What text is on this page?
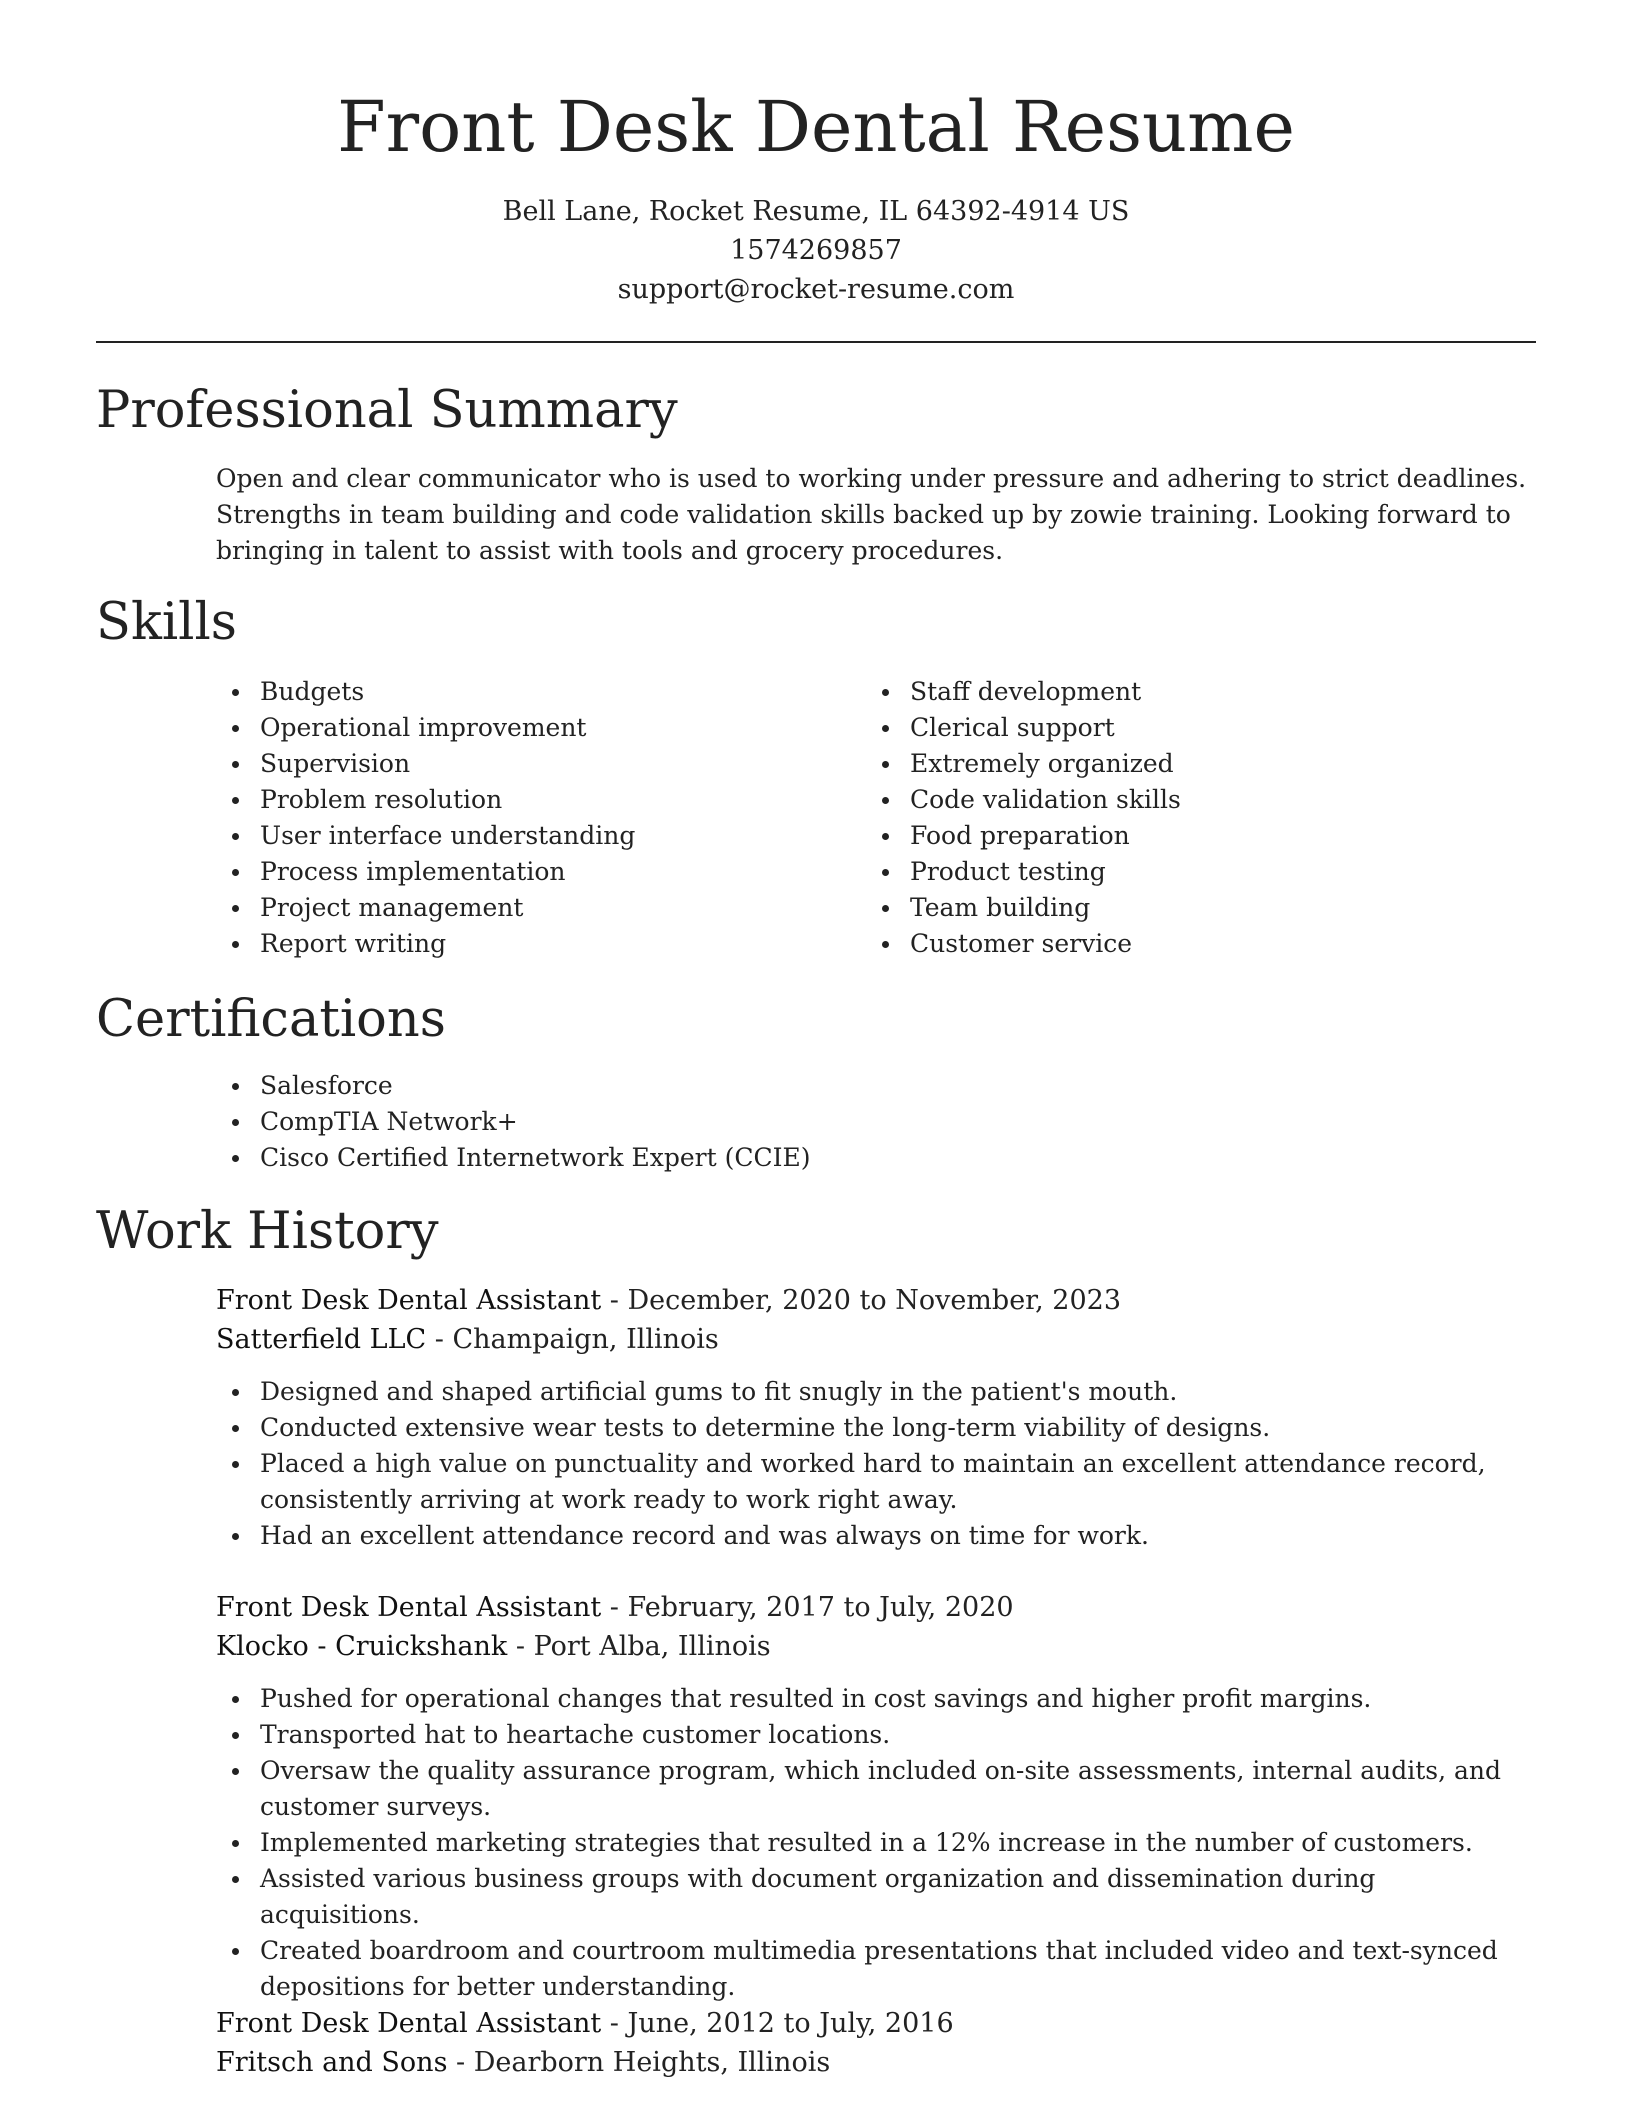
Front Desk Dental Resume
Bell Lane, Rocket Resume, IL 64392-4914 US
1574269857
support@rocket-resume.com
Professional Summary

Open and clear communicator who is used to working under pressure and adhering to strict deadlines. Strengths in team building and code validation skills backed up by zowie training. Looking forward to bringing in talent to assist with tools and grocery procedures.

Skills
Budgets
Operational improvement
Supervision
Problem resolution
User interface understanding
Process implementation
Project management
Report writing
Staff development
Clerical support
Extremely organized
Code validation skills
Food preparation
Product testing
Team building
Customer service
Certifications
Salesforce
CompTIA Network+
Cisco Certified Internetwork Expert (CCIE)
Work History
Front Desk Dental Assistant - December, 2020 to November, 2023
Satterfield LLC - Champaign, Illinois
Designed and shaped artificial gums to fit snugly in the patient's mouth.
Conducted extensive wear tests to determine the long-term viability of designs.
Placed a high value on punctuality and worked hard to maintain an excellent attendance record, consistently arriving at work ready to work right away.
Had an excellent attendance record and was always on time for work.
Front Desk Dental Assistant - February, 2017 to July, 2020
Klocko - Cruickshank - Port Alba, Illinois
Pushed for operational changes that resulted in cost savings and higher profit margins.
Transported hat to heartache customer locations.
Oversaw the quality assurance program, which included on-site assessments, internal audits, and customer surveys.
Implemented marketing strategies that resulted in a 12% increase in the number of customers.
Assisted various business groups with document organization and dissemination during acquisitions.
Created boardroom and courtroom multimedia presentations that included video and text-synced depositions for better understanding.
Front Desk Dental Assistant - June, 2012 to July, 2016
Fritsch and Sons - Dearborn Heights, Illinois
